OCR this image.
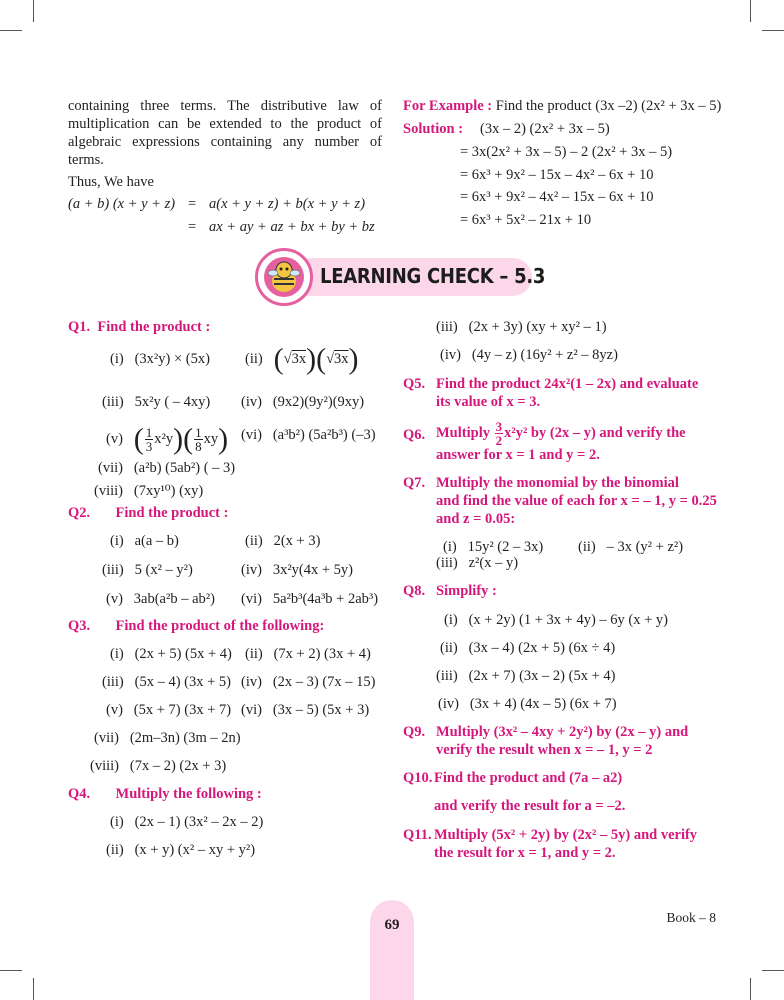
containing three terms. The distributive law of multiplication can be extended to the product of algebraic expressions containing any number of terms.

Thus, We have
(a + b) (x + y + z) = a(x + y + z) + b(x + y + z)
= ax + ay + az + bx + by + bz
For Example : Find the product (3x –2) (2x² + 3x – 5)
Solution : (3x – 2) (2x² + 3x – 5)
= 3x(2x² + 3x – 5) – 2 (2x² + 3x – 5)
= 6x³ + 9x² – 15x – 4x² – 6x + 10
= 6x³ + 9x² – 4x² – 15x – 6x + 10
= 6x³ + 5x² – 21x + 10
LEARNING CHECK – 5.3
Q1. Find the product :
(i) (3x²y) × (5x) (ii) (√3x)(√3x)
(iii) 5x²y ( – 4xy) (iv) (9x2)(9y²)(9xy)
(v) ( $\frac{1}{3} x^2y)( \frac{1}{8} xy)$ (vi) (a³b²) (5a²b³) (–3)
(vii) (a²b) (5ab²) ( – 3)
(viii) (7xy¹⁰) (xy)
Q2. Find the product :
(i) a(a – b)	(ii) 2(x + 3)
(iii) 5 (x² – y²)	(iv) 3x²y(4x + 5y)
(v) 3ab(a²b – ab²) (vi) 5a²b³(4a³b + 2ab³)
Q3. Find the product of the following:
(i) (2x + 5) (5x + 4) (ii) (7x + 2) (3x + 4)
(iii) (5x – 4) (3x + 5) (iv) (2x – 3) (7x – 15)
(v) (5x + 7) (3x + 7) (vi) (3x – 5) (5x + 3)
(vii) (2m–3n) (3m – 2n)
(viii) (7x – 2) (2x + 3)
Q4. Multiply the following :
(i) (2x – 1) (3x² – 2x – 2)
(ii) (x + y) (x² – xy + y²)
(iii) (2x + 3y) (xy + xy² – 1)
(iv) (4y – z) (16y² + z² – 8yz)
Q5. Find the product 24x²(1 – 2x) and evaluate
its value of x = 3.
Q6. Multiply $\frac{3}{2} x^2y^2$ by (2x – y) and verify the
answer for x = 1 and y = 2.
Q7. Multiply the monomial by the binomial
and find the value of each for x = – 1, y = 0.25
and z = 0.05:
(i) 15y² (2 – 3x) (ii) – 3x (y² + z²)
(iii) z²(x – y)
Q8. Simplify :
(i) (x + 2y) (1 + 3x + 4y) – 6y (x + y)
(ii) (3x – 4) (2x + 5) (6x ÷ 4)
(iii) (2x + 7) (3x – 2) (5x + 4)
(iv) (3x + 4) (4x – 5) (6x + 7)
Q9. Multiply (3x² – 4xy + 2y²) by (2x – y) and
verify the result when x = – 1, y = 2
Q10. Find the product and (7a – a2)
and verify the result for a = –2.
Q11. Multiply (5x² + 2y) by (2x² – 5y) and verify
the result for x = 1, and y = 2.
69	Book – 8
